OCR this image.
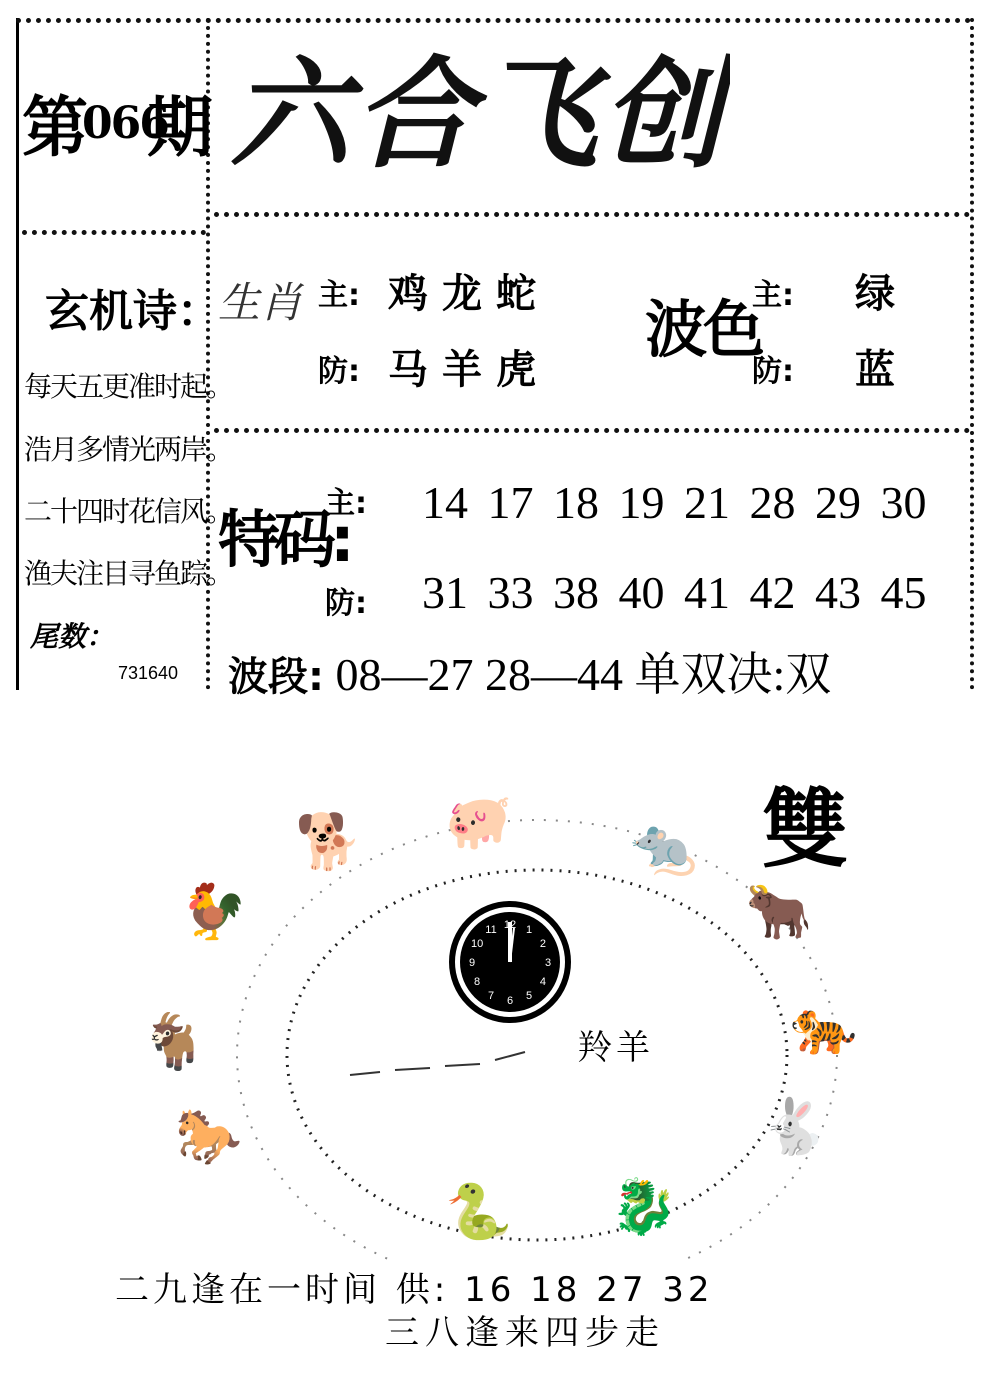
第
066
期 六合飞创
玄机诗：
每天五更准时起。
浩月多情光两岸。
二十四时花信风。
渔夫注目寻鱼踪。
尾数：
731640
生肖 主: 鸡龙蛇
防: 马羊虎
波色
主: 绿
防: 蓝
特码:
主: 14 17 18 19 21 28 29 30
防: 31 33 38 40 41 42 43 45
波段: 08—27 28—44 单双决:双
雙
12 1
2
3
4
5
6
7
8
9
10
11
羚羊
🐕 🐖 🐀
🐂
🐅
🐇
🐉
🐍
🐎
🐐
🐓
二九逢在一时间 供: 16 18 27 32
三八逢来四步走
